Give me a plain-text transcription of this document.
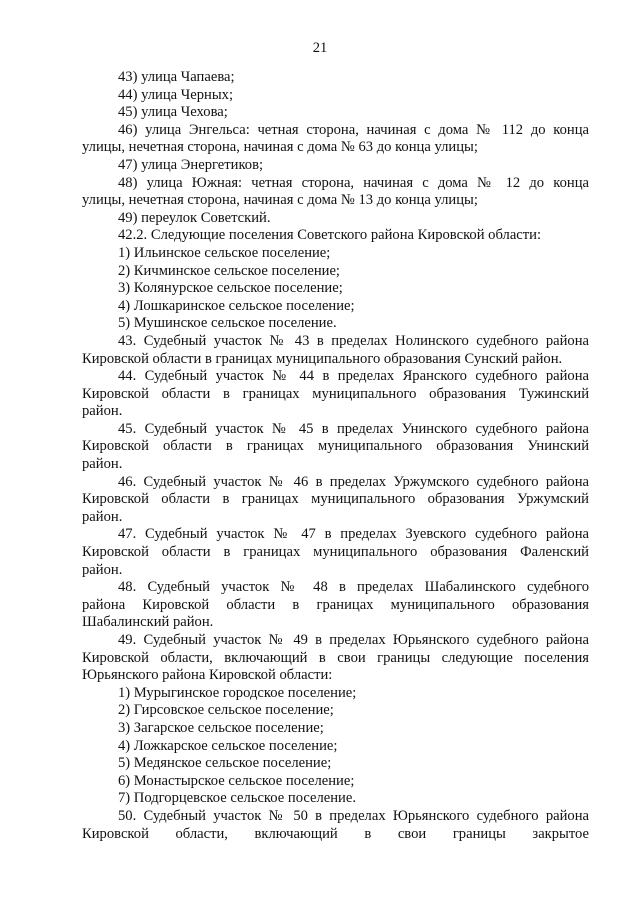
21
43) улица Чапаева;
44) улица Черных;
45) улица Чехова;
46) улица Энгельса: четная сторона, начиная с дома № 112 до конца
улицы, нечетная сторона, начиная с дома № 63 до конца улицы;
47) улица Энергетиков;
48) улица Южная: четная сторона, начиная с дома № 12 до конца
улицы, нечетная сторона, начиная с дома № 13 до конца улицы;
49) переулок Советский.
42.2. Следующие поселения Советского района Кировской области:
1) Ильинское сельское поселение;
2) Кичминское сельское поселение;
3) Колянурское сельское поселение;
4) Лошкаринское сельское поселение;
5) Мушинское сельское поселение.
43. Судебный участок № 43 в пределах Нолинского судебного района
Кировской области в границах муниципального образования Сунский район.
44. Судебный участок № 44 в пределах Яранского судебного района
Кировской области в границах муниципального образования Тужинский
район.
45. Судебный участок № 45 в пределах Унинского судебного района
Кировской области в границах муниципального образования Унинский
район.
46. Судебный участок № 46 в пределах Уржумского судебного района
Кировской области в границах муниципального образования Уржумский
район.
47. Судебный участок № 47 в пределах Зуевского судебного района
Кировской области в границах муниципального образования Фаленский
район.
48. Судебный участок № 48 в пределах Шабалинского судебного
района Кировской области в границах муниципального образования
Шабалинский район.
49. Судебный участок № 49 в пределах Юрьянского судебного района
Кировской области, включающий в свои границы следующие поселения
Юрьянского района Кировской области:
1) Мурыгинское городское поселение;
2) Гирсовское сельское поселение;
3) Загарское сельское поселение;
4) Ложкарское сельское поселение;
5) Медянское сельское поселение;
6) Монастырское сельское поселение;
7) Подгорцевское сельское поселение.
50. Судебный участок № 50 в пределах Юрьянского судебного района
Кировской области, включающий в свои границы закрытое
